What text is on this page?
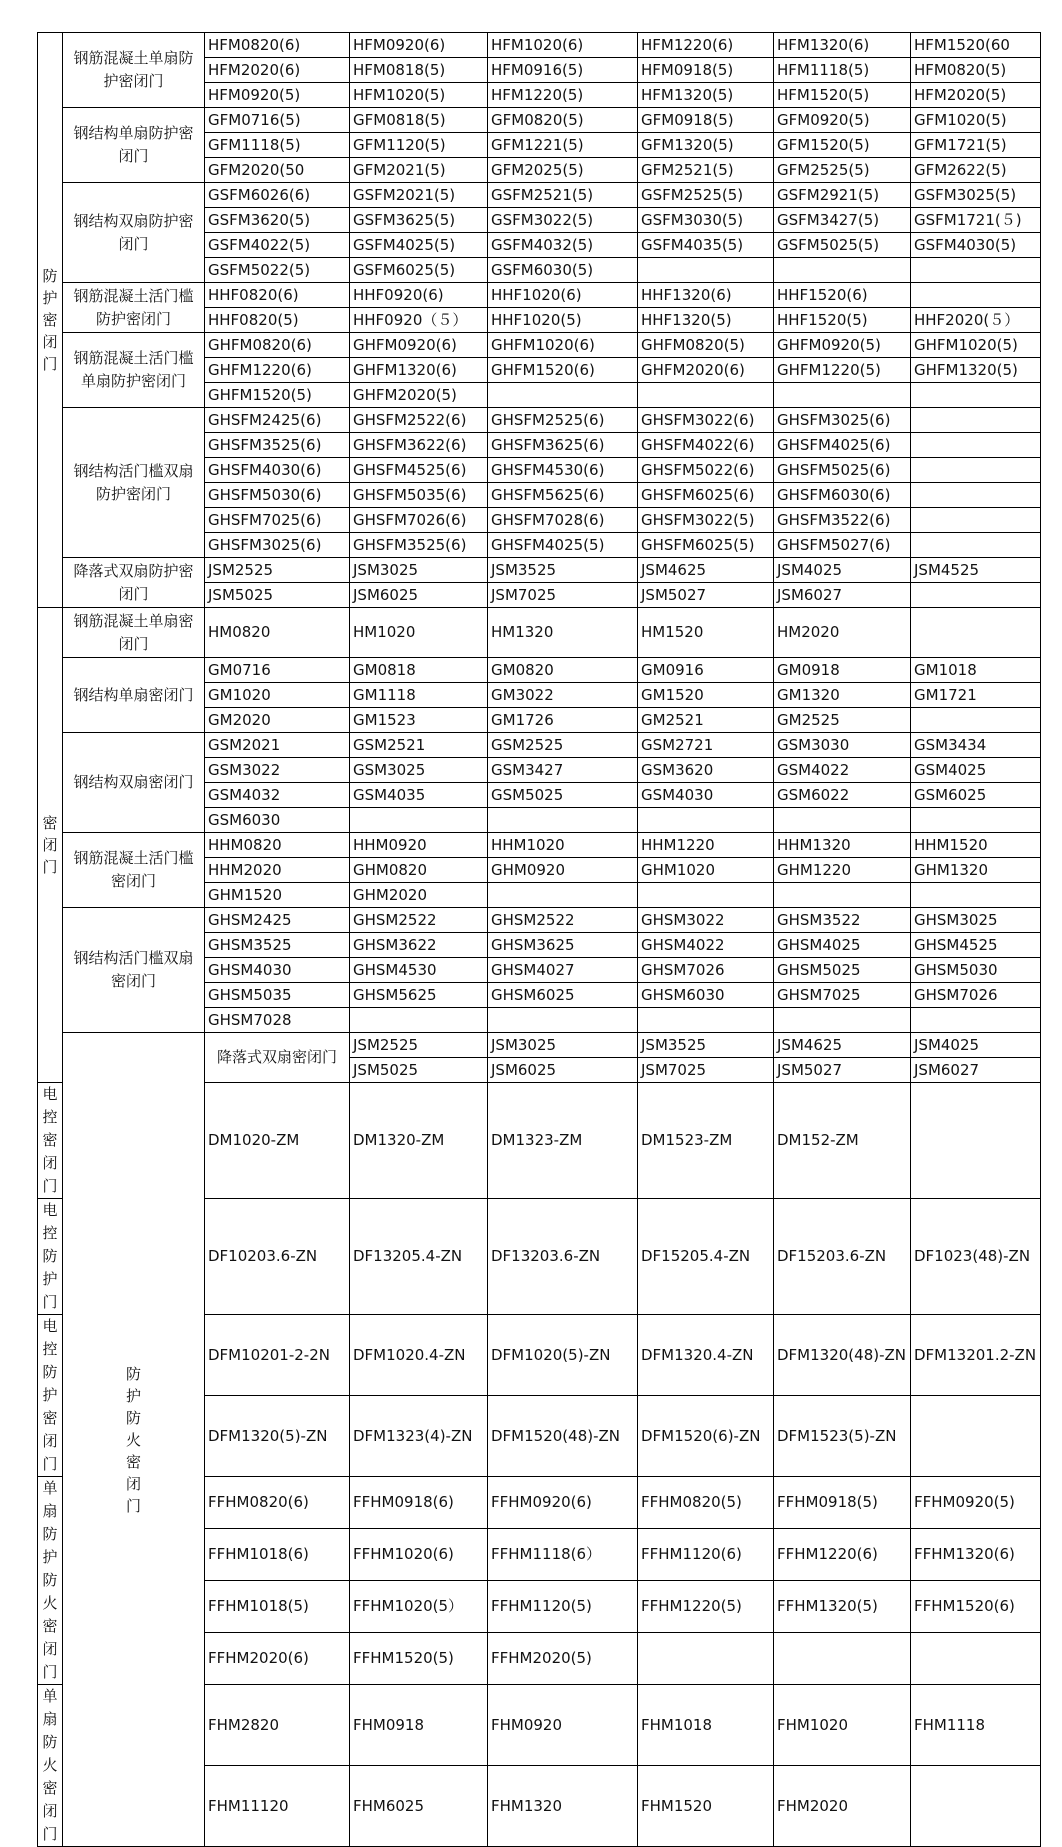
防护密闭门	钢筋混凝土单扇防护密闭门	HFM0820(6)	HFM0920(6)	HFM1020(6)	HFM1220(6)	HFM1320(6)	HFM1520(60	
		HFM2020(6)	HFM0818(5)	HFM0916(5)	HFM0918(5)	HFM1118(5)	HFM0820(5)	
		HFM0920(5)	HFM1020(5)	HFM1220(5)	HFM1320(5)	HFM1520(5)	HFM2020(5)	
	钢结构单扇防护密闭门	GFM0716(5)	GFM0818(5)	GFM0820(5)	GFM0918(5)	GFM0920(5)	GFM1020(5)	
		GFM1118(5)	GFM1120(5)	GFM1221(5)	GFM1320(5)	GFM1520(5)	GFM1721(5)	
		GFM2020(50	GFM2021(5)	GFM2025(5)	GFM2521(5)	GFM2525(5)	GFM2622(5)	
	钢结构双扇防护密闭门	GSFM6026(6)	GSFM2021(5)	GSFM2521(5)	GSFM2525(5)	GSFM2921(5)	GSFM3025(5)	
		GSFM3620(5)	GSFM3625(5)	GSFM3022(5)	GSFM3030(5)	GSFM3427(5)	GSFM1721(５)	
		GSFM4022(5)	GSFM4025(5)	GSFM4032(5)	GSFM4035(5)	GSFM5025(5)	GSFM4030(5)	
		GSFM5022(5)	GSFM6025(5)	GSFM6030(5)				
	钢筋混凝土活门槛防护密闭门	HHF0820(6)	HHF0920(6)	HHF1020(6)	HHF1320(6)	HHF1520(6)		
		HHF0820(5)	HHF0920（５）	HHF1020(5)	HHF1320(5)	HHF1520(5)	HHF2020(５）	
	钢筋混凝土活门槛单扇防护密闭门	GHFM0820(6)	GHFM0920(6)	GHFM1020(6)	GHFM0820(5)	GHFM0920(5)	GHFM1020(5)	
		GHFM1220(6)	GHFM1320(6)	GHFM1520(6)	GHFM2020(6)	GHFM1220(5)	GHFM1320(5)	
		GHFM1520(5)	GHFM2020(5)					
	钢结构活门槛双扇防护密闭门	GHSFM2425(6)	GHSFM2522(6)	GHSFM2525(6)	GHSFM3022(6)	GHSFM3025(6)		
		GHSFM3525(6)	GHSFM3622(6)	GHSFM3625(6)	GHSFM4022(6)	GHSFM4025(6)		
		GHSFM4030(6)	GHSFM4525(6)	GHSFM4530(6)	GHSFM5022(6)	GHSFM5025(6)		
		GHSFM5030(6)	GHSFM5035(6)	GHSFM5625(6)	GHSFM6025(6)	GHSFM6030(6)		
		GHSFM7025(6)	GHSFM7026(6)	GHSFM7028(6)	GHSFM3022(5)	GHSFM3522(6)		
		GHSFM3025(6)	GHSFM3525(6)	GHSFM4025(5)	GHSFM6025(5)	GHSFM5027(6)		
	降落式双扇防护密闭门	JSM2525	JSM3025	JSM3525	JSM4625	JSM4025	JSM4525	
		JSM5025	JSM6025	JSM7025	JSM5027	JSM6027		
密闭门	钢筋混凝土单扇密闭门	HM0820	HM1020	HM1320	HM1520	HM2020		
	钢结构单扇密闭门	GM0716	GM0818	GM0820	GM0916	GM0918	GM1018	
		GM1020	GM1118	GM3022	GM1520	GM1320	GM1721	
		GM2020	GM1523	GM1726	GM2521	GM2525		
	钢结构双扇密闭门	GSM2021	GSM2521	GSM2525	GSM2721	GSM3030	GSM3434	
		GSM3022	GSM3025	GSM3427	GSM3620	GSM4022	GSM4025	
		GSM4032	GSM4035	GSM5025	GSM4030	GSM6022	GSM6025	
		GSM6030						
	钢筋混凝土活门槛密闭门	HHM0820	HHM0920	HHM1020	HHM1220	HHM1320	HHM1520	
		HHM2020	GHM0820	GHM0920	GHM1020	GHM1220	GHM1320	
		GHM1520	GHM2020					
	钢结构活门槛双扇密闭门	GHSM2425	GHSM2522	GHSM2522	GHSM3022	GHSM3522	GHSM3025	
		GHSM3525	GHSM3622	GHSM3625	GHSM4022	GHSM4025	GHSM4525	
		GHSM4030	GHSM4530	GHSM4027	GHSM7026	GHSM5025	GHSM5030	
		GHSM5035	GHSM5625	GHSM6025	GHSM6030	GHSM7025	GHSM7026	
		GHSM7028						
	防护防火密闭门	降落式双扇密闭门	JSM2525	JSM3025	JSM3525	JSM4625	JSM4025	
			JSM5025	JSM6025	JSM7025	JSM5027	JSM6027	
电控密闭门		DM1020-ZM	DM1320-ZM	DM1323-ZM	DM1523-ZM	DM152-ZM		
电控防护门		DF10203.6-ZN	DF13205.4-ZN	DF13203.6-ZN	DF15205.4-ZN	DF15203.6-ZN	DF1023(48)-ZN	
电控防护密闭门		DFM10201-2-2N	DFM1020.4-ZN	DFM1020(5)-ZN	DFM1320.4-ZN	DFM1320(48)-ZN	DFM13201.2-ZN	
		DFM1320(5)-ZN	DFM1323(4)-ZN	DFM1520(48)-ZN	DFM1520(6)-ZN	DFM1523(5)-ZN		
单扇防护防火密闭门		FFHM0820(6)	FFHM0918(6)	FFHM0920(6)	FFHM0820(5)	FFHM0918(5)	FFHM0920(5)	
		FFHM1018(6)	FFHM1020(6)	FFHM1118(6）	FFHM1120(6)	FFHM1220(6)	FFHM1320(6)	
		FFHM1018(5)	FFHM1020(5）	FFHM1120(5)	FFHM1220(5)	FFHM1320(5)	FFHM1520(6)	
		FFHM2020(6)	FFHM1520(5)	FFHM2020(5)				
单扇防火密闭门		FHM2820	FHM0918	FHM0920	FHM1018	FHM1020	FHM1118	
		FHM11120	FHM6025	FHM1320	FHM1520	FHM2020		
